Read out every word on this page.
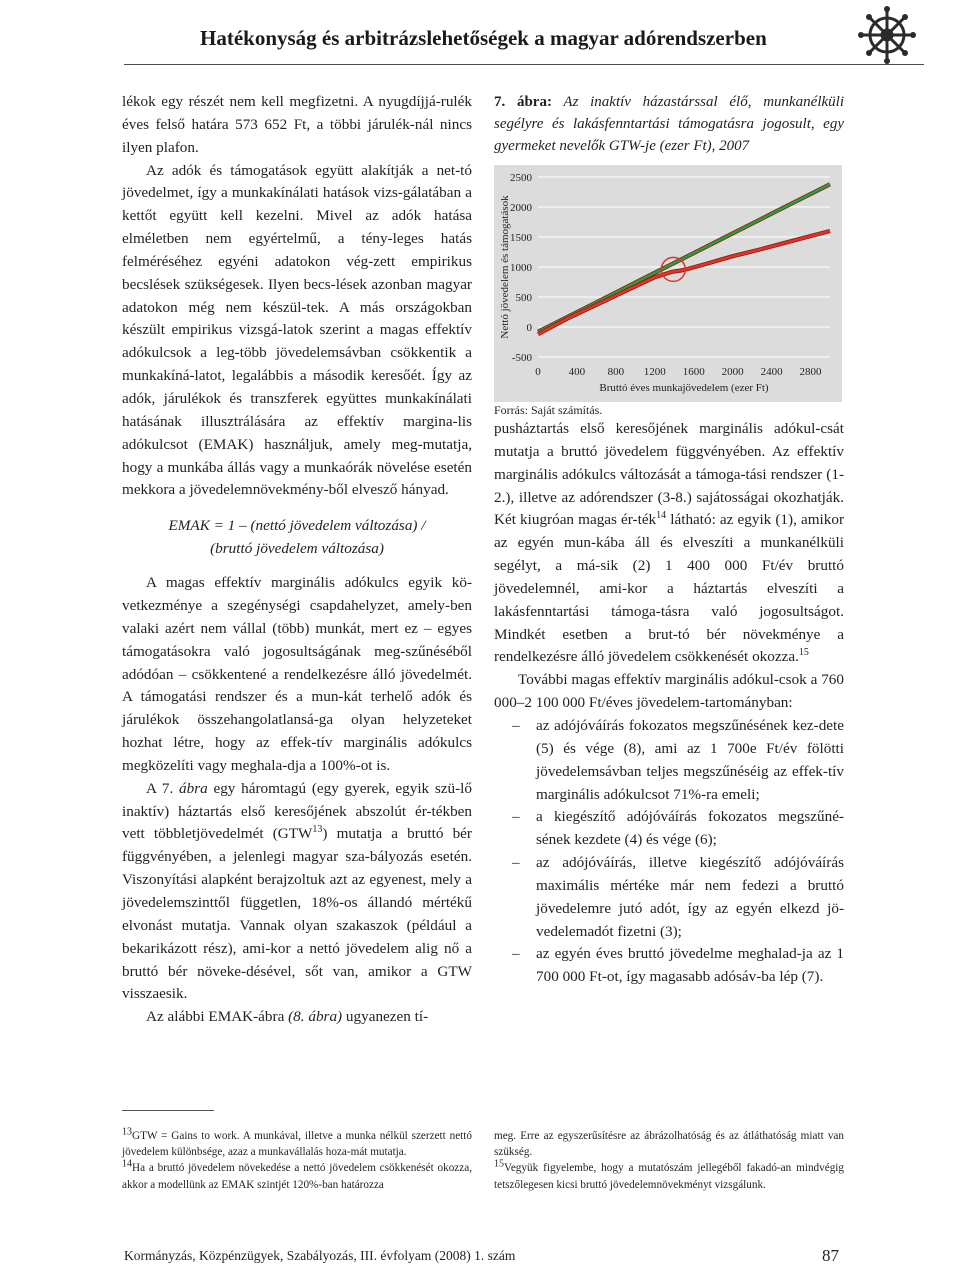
Hatékonyság és arbitrázslehetőségek a magyar adórendszerben

lékok egy részét nem kell megfizetni. A nyugdíjjá-rulék éves felső határa 573 652 Ft, a többi járulék-nál nincs ilyen plafon.

Az adók és támogatások együtt alakítják a net-tó jövedelmet, így a munkakínálati hatások vizs-gálatában a kettőt együtt kell kezelni. Mivel az adók hatása elméletben nem egyértelmű, a tény-leges hatás felméréséhez egyéni adatokon vég-zett empirikus becslések szükségesek. Ilyen becs-lések azonban magyar adatokon még nem készül-tek. A más országokban készült empirikus vizsgá-latok szerint a magas effektív adókulcsok a leg-több jövedelemsávban csökkentik a munkakíná-latot, legalábbis a második keresőét. Így az adók, járulékok és transzferek együttes munkakínálati hatásának illusztrálására az effektív margina-lis adókulcsot (EMAK) használjuk, amely meg-mutatja, hogy a munkába állás vagy a munkaórák növelése esetén mekkora a jövedelemnövekmény-ből elvesző hányad.

EMAK = 1 – (nettó jövedelem változása) /
(bruttó jövedelem változása)

A magas effektív marginális adókulcs egyik kö-vetkezménye a szegénységi csapdahelyzet, amely-ben valaki azért nem vállal (több) munkát, mert ez – egyes támogatásokra való jogosultságának meg-szűnéséből adódóan – csökkentené a rendelkezésre álló jövedelmét. A támogatási rendszer és a mun-kát terhelő adók és járulékok összehangolatlansá-ga olyan helyzeteket hozhat létre, hogy az effek-tív marginális adókulcs megközelíti vagy meghala-dja a 100%-ot is.

A 7. ábra egy háromtagú (egy gyerek, egyik szü-lő inaktív) háztartás első keresőjének abszolút ér-tékben vett többletjövedelmét (GTW$^{13}$) mutatja a bruttó bér függvényében, a jelenlegi magyar sza-bályozás esetén. Viszonyítási alapként berajzoltuk azt az egyenest, mely a jövedelemszinttől független, 18%-os állandó mértékű elvonást mutatja. Vannak olyan szakaszok (például a bekarikázott rész), ami-kor a nettó jövedelem alig nő a bruttó bér növeke-désével, sőt van, amikor a GTW visszaesik.

Az alábbi EMAK-ábra (8. ábra) ugyanezen tí-

7. ábra: Az inaktív házastárssal élő, munkanélküli segélyre és lakásfenntartási támogatásra jogosult, egy gyermeket nevelők GTW-je (ezer Ft), 2007

2500
2000
1500
1000
500
0
-500
0	400 800 1200 1600 2000 2400 2800
Bruttó éves munkajövedelem (ezer Ft)
Nettó jövedelem és támogatások

Forrás: Saját számítás.

pusháztartás első keresőjének marginális adókul-csát mutatja a bruttó jövedelem függvényében. Az effektív marginális adókulcs változását a támoga-tási rendszer (1-2.), illetve az adórendszer (3-8.) sajátosságai okozhatják. Két kiugróan magas ér-ték$^{14}$ látható: az egyik (1), amikor az egyén mun-kába áll és elveszíti a munkanélküli segélyt, a má-sik (2) 1 400 000 Ft/év bruttó jövedelemnél, ami-kor a háztartás elveszíti a lakásfenntartási támoga-tásra való jogosultságot. Mindkét esetben a brut-tó bér növekménye a rendelkezésre álló jövedelem csökkenését okozza.$^{15}$

További magas effektív marginális adókul-csok a 760 000–2 100 000 Ft/éves jövedelem-tartományban:

– az adójóváírás fokozatos megszűnésének kez-dete (5) és vége (8), ami az 1 700e Ft/év fölötti jövedelemsávban teljes megszűnéséig az effek-tív marginális adókulcsot 71%-ra emeli;
– a kiegészítő adójóváírás fokozatos megszűné-sének kezdete (4) és vége (6);
– az adójóváírás, illetve kiegészítő adójóváírás maximális mértéke már nem fedezi a bruttó jövedelemre jutó adót, így az egyén elkezd jö-vedelemadót fizetni (3);
– az egyén éves bruttó jövedelme meghalad-ja az 1 700 000 Ft-ot, így magasabb adósáv-ba lép (7).

13GTW = Gains to work. A munkával, illetve a munka nélkül szerzett nettó jövedelem különbsége, azaz a munkavállalás hoza-mát mutatja.

14Ha a bruttó jövedelem növekedése a nettó jövedelem csökkenését okozza, akkor a modellünk az EMAK szintjét 120%-ban határozza

meg. Erre az egyszerűsítésre az ábrázolhatóság és az átláthatóság miatt van szükség.

15Vegyük figyelembe, hogy a mutatószám jellegéből fakadó-an mindvégig tetszőlegesen kicsi bruttó jövedelemnövekményt vizsgálunk.

Kormányzás, Közpénzügyek, Szabályozás, III. évfolyam (2008) 1. szám	87
